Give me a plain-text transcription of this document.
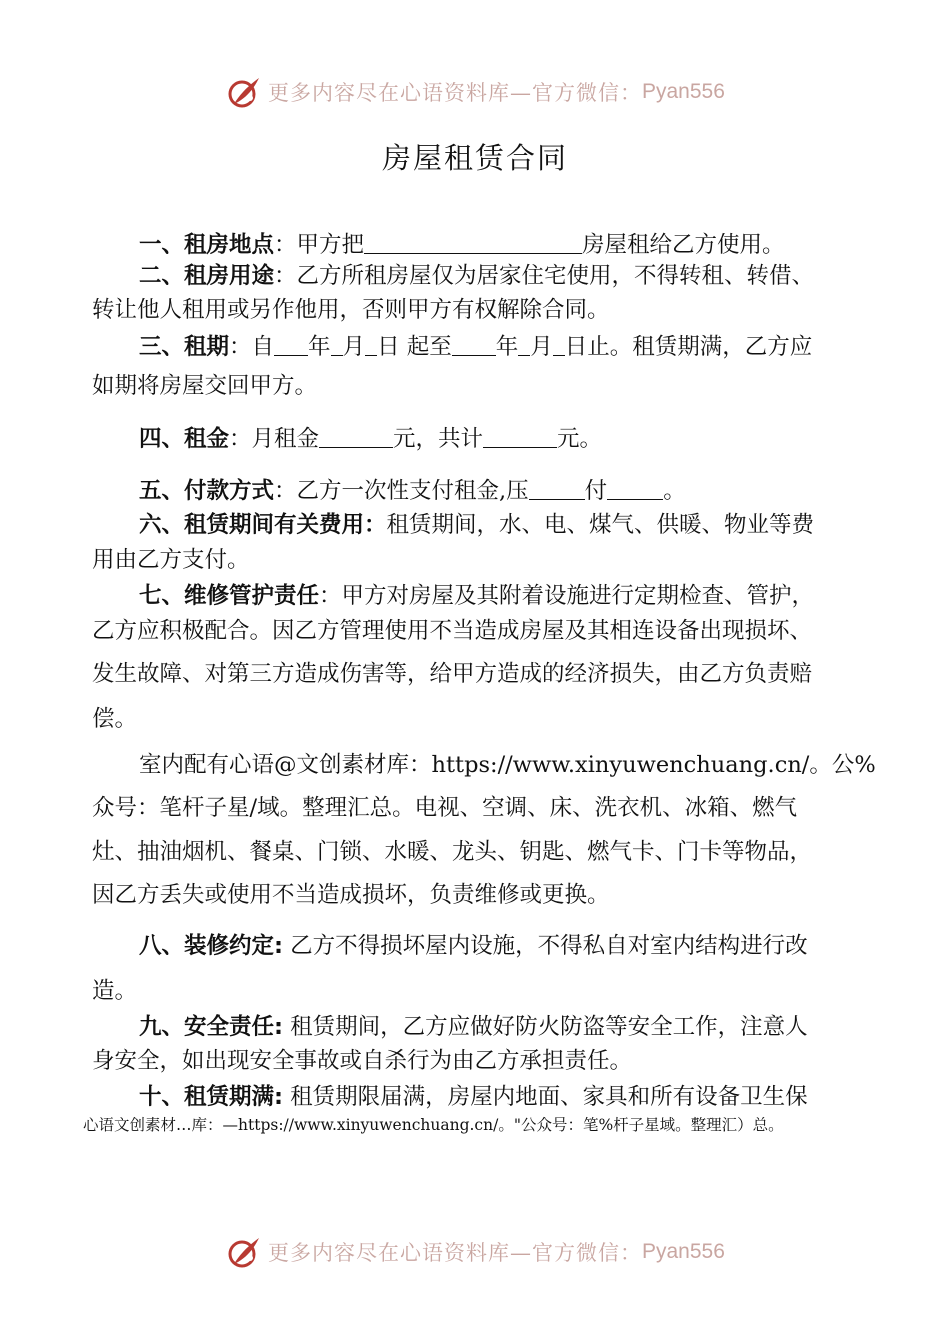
更多内容尽在心语资料库—官方微信： Pyan556
房屋租赁合同
一、租房地点：甲方把	房屋租给乙方使用。
二、租房用途：乙方所租房屋仅为居家住宅使用，不得转租、转借、
转让他人租用或另作他用，否则甲方有权解除合同。
三、租期：自 年 月 日 起至 年 月 日止。租赁期满，乙方应
如期将房屋交回甲方。
四、租金：月租金	元，共计	元。
五、付款方式：乙方一次性支付租金,压 付 。
六、租赁期间有关费用：租赁期间，水、电、煤气、供暖、物业等费
用由乙方支付。
七、维修管护责任：甲方对房屋及其附着设施进行定期检查、管护，
乙方应积极配合。因乙方管理使用不当造成房屋及其相连设备出现损坏、
发生故障、对第三方造成伤害等，给甲方造成的经济损失，由乙方负责赔
偿。
室内配有心语@文创素材库：https://www.xinyuwenchuang.cn/。公%
众号：笔杆子星/域。整理汇总。电视、空调、床、洗衣机、冰箱、燃气
灶、抽油烟机、餐桌、门锁、水暖、龙头、钥匙、燃气卡、门卡等物品，
因乙方丢失或使用不当造成损坏，负责维修或更换。
八、装修约定: 乙方不得损坏屋内设施，不得私自对室内结构进行改
造。
九、安全责任: 租赁期间，乙方应做好防火防盗等安全工作，注意人
身安全，如出现安全事故或自杀行为由乙方承担责任。
十、租赁期满: 租赁期限届满，房屋内地面、家具和所有设备卫生保
心语文创素材…库：—https://www.xinyuwenchuang.cn/。"公众号：笔%杆子星域。整理汇）总。
更多内容尽在心语资料库—官方微信： Pyan556
